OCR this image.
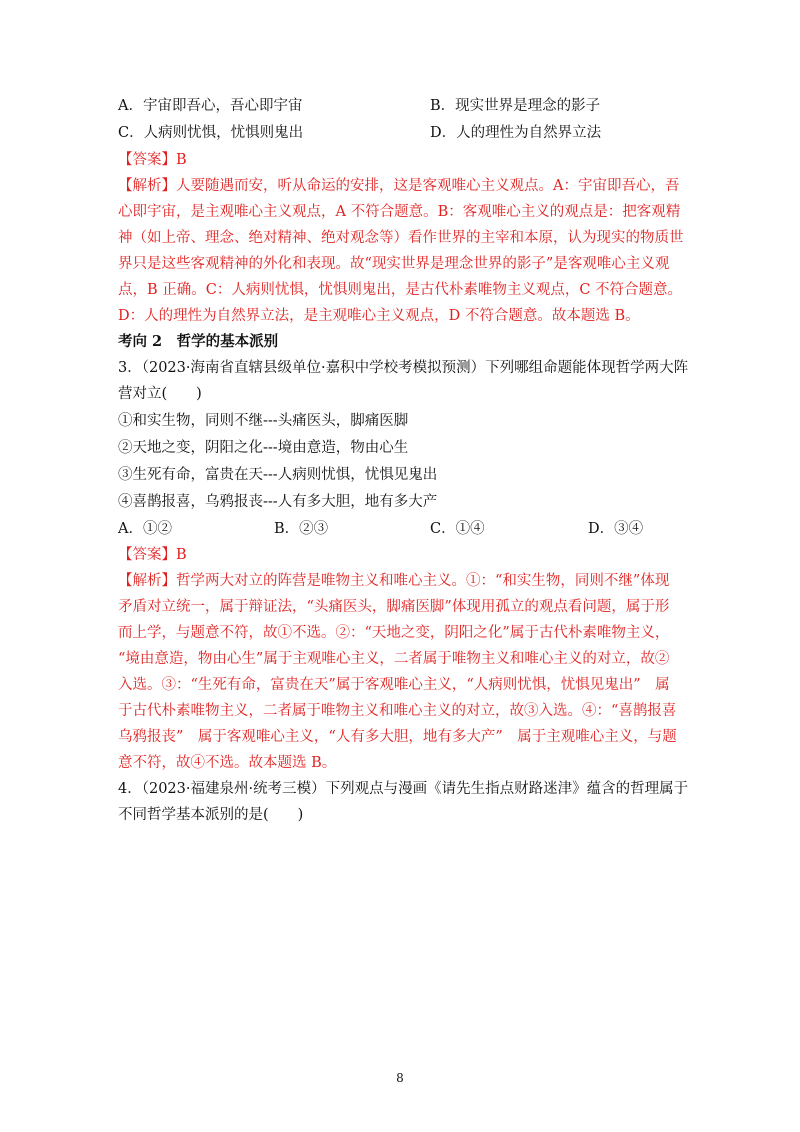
A．宇宙即吾心，吾心即宇宙	B．现实世界是理念的影子
C．人病则忧惧，忧惧则鬼出	D．人的理性为自然界立法
【答案】B
【解析】人要随遇而安，听从命运的安排，这是客观唯心主义观点。A：宇宙即吾心，吾
心即宇宙，是主观唯心主义观点，A 不符合题意。B：客观唯心主义的观点是：把客观精
神（如上帝、理念、绝对精神、绝对观念等）看作世界的主宰和本原，认为现实的物质世
界只是这些客观精神的外化和表现。故“现实世界是理念世界的影子”是客观唯心主义观
点，B 正确。C：人病则忧惧，忧惧则鬼出，是古代朴素唯物主义观点，C 不符合题意。
D：人的理性为自然界立法，是主观唯心主义观点，D 不符合题意。故本题选 B。
考向 2　哲学的基本派别
3．（2023·海南省直辖县级单位·嘉积中学校考模拟预测）下列哪组命题能体现哲学两大阵
营对立(　　)
①和实生物，同则不继---头痛医头，脚痛医脚
②天地之变，阴阳之化---境由意造，物由心生
③生死有命，富贵在天---人病则忧惧，忧惧见鬼出
④喜鹊报喜，乌鸦报丧---人有多大胆，地有多大产
A．①②	B．②③	C．①④	D．③④
【答案】B
【解析】哲学两大对立的阵营是唯物主义和唯心主义。①：“和实生物，同则不继”体现
矛盾对立统一，属于辩证法，“头痛医头，脚痛医脚”体现用孤立的观点看问题，属于形
而上学，与题意不符，故①不选。②：“天地之变，阴阳之化”属于古代朴素唯物主义，
“境由意造，物由心生”属于主观唯心主义，二者属于唯物主义和唯心主义的对立，故②
入选。③：“生死有命，富贵在天”属于客观唯心主义，“人病则忧惧，忧惧见鬼出”　属
于古代朴素唯物主义，二者属于唯物主义和唯心主义的对立，故③入选。④：“喜鹊报喜
乌鸦报丧”　属于客观唯心主义，“人有多大胆，地有多大产”　属于主观唯心主义，与题
意不符，故④不选。故本题选 B。
4．（2023·福建泉州·统考三模）下列观点与漫画《请先生指点财路迷津》蕴含的哲理属于
不同哲学基本派别的是(　　)
8
